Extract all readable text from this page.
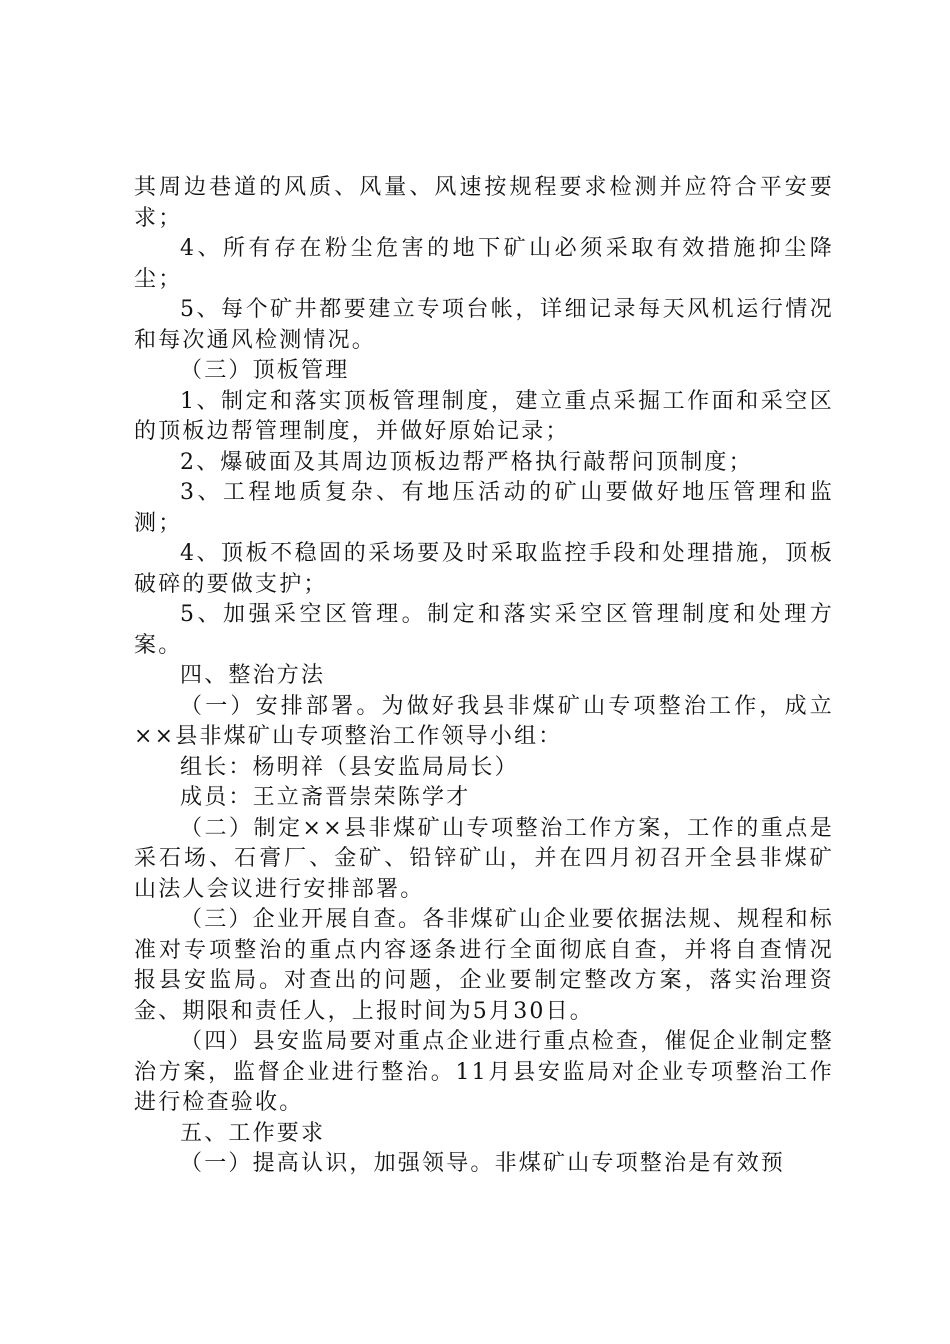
其周边巷道的风质、风量、风速按规程要求检测并应符合平安要求；

4、所有存在粉尘危害的地下矿山必须采取有效措施抑尘降尘；

5、每个矿井都要建立专项台帐，详细记录每天风机运行情况和每次通风检测情况。

（三）顶板管理

1、制定和落实顶板管理制度，建立重点采掘工作面和采空区的顶板边帮管理制度，并做好原始记录；

2、爆破面及其周边顶板边帮严格执行敲帮问顶制度；

3、工程地质复杂、有地压活动的矿山要做好地压管理和监测；

4、顶板不稳固的采场要及时采取监控手段和处理措施，顶板破碎的要做支护；

5、加强采空区管理。制定和落实采空区管理制度和处理方案。

四、整治方法

（一）安排部署。为做好我县非煤矿山专项整治工作，成立××县非煤矿山专项整治工作领导小组：

组长：杨明祥（县安监局局长）

成员：王立斋晋崇荣陈学才

（二）制定××县非煤矿山专项整治工作方案，工作的重点是采石场、石膏厂、金矿、铅锌矿山，并在四月初召开全县非煤矿山法人会议进行安排部署。

（三）企业开展自查。各非煤矿山企业要依据法规、规程和标准对专项整治的重点内容逐条进行全面彻底自查，并将自查情况报县安监局。对查出的问题，企业要制定整改方案，落实治理资金、期限和责任人，上报时间为5月30日。

（四）县安监局要对重点企业进行重点检查，催促企业制定整治方案，监督企业进行整治。11月县安监局对企业专项整治工作进行检查验收。

五、工作要求

（一）提高认识，加强领导。非煤矿山专项整治是有效预
